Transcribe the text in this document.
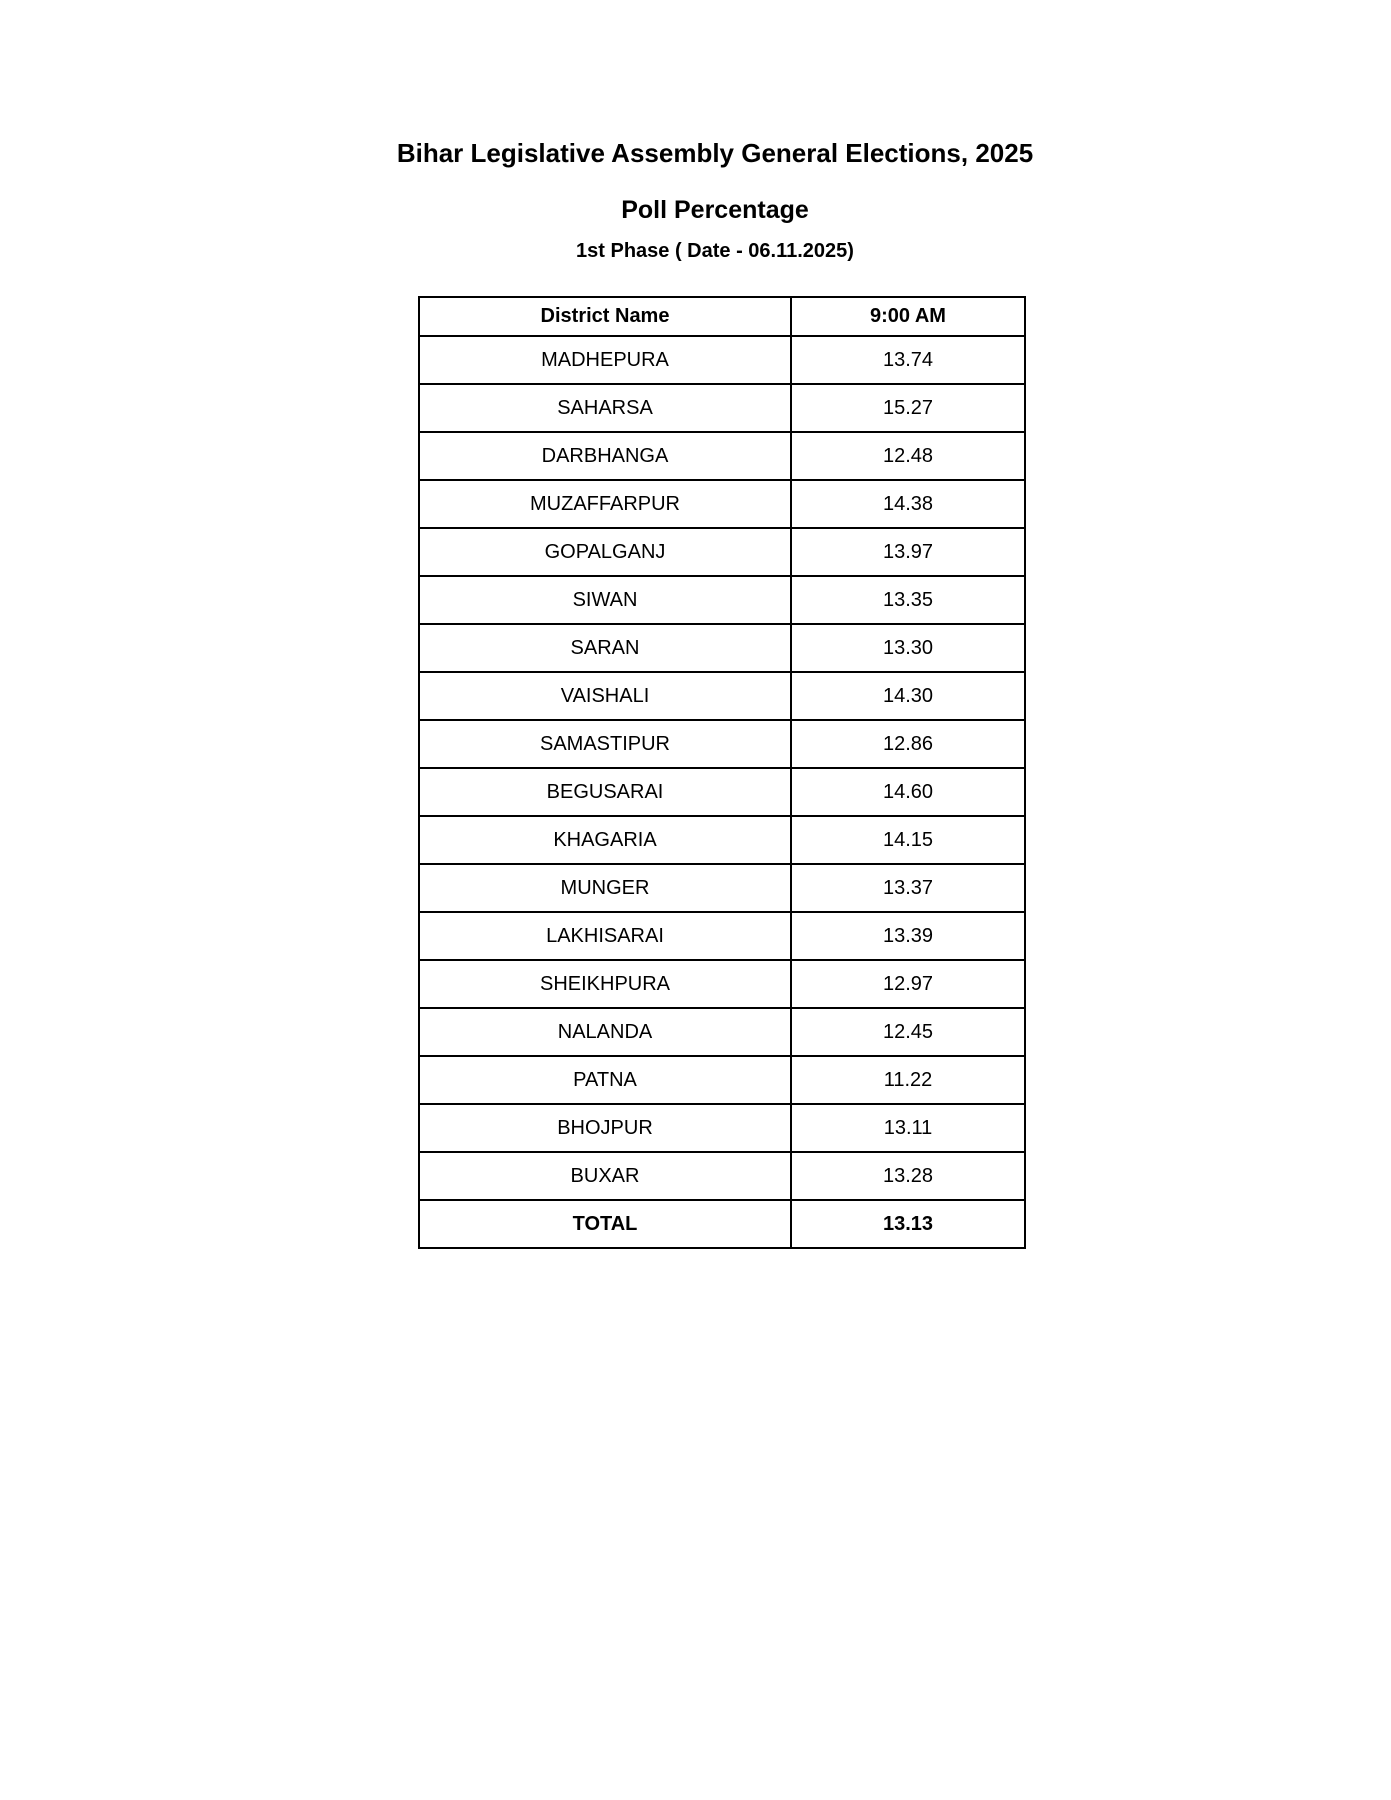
Bihar Legislative Assembly General Elections, 2025
Poll Percentage
1st Phase ( Date - 06.11.2025)
District Name	9:00 AM
MADHEPURA	13.74
SAHARSA	15.27
DARBHANGA	12.48
MUZAFFARPUR	14.38
GOPALGANJ	13.97
SIWAN	13.35
SARAN	13.30
VAISHALI	14.30
SAMASTIPUR	12.86
BEGUSARAI	14.60
KHAGARIA	14.15
MUNGER	13.37
LAKHISARAI	13.39
SHEIKHPURA	12.97
NALANDA	12.45
PATNA	11.22
BHOJPUR	13.11
BUXAR	13.28
TOTAL	13.13
